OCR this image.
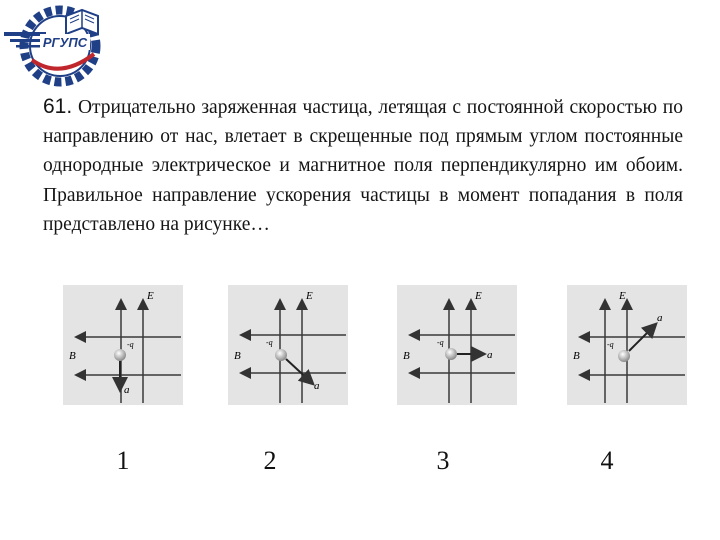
РГУПС
61. Отрицательно заряженная частица, летящая с постоянной скоростью по направлению от нас, влетает в скрещенные под прямым углом постоянные однородные электрическое и магнитное поля перпендикулярно им обоим. Правильное направление ускорения частицы в момент попадания в поля представлено на рисунке…
E
B
-q
a
E
B
-q
a
E
B
-q
a
E
B
-q
a
1	2	3	4
